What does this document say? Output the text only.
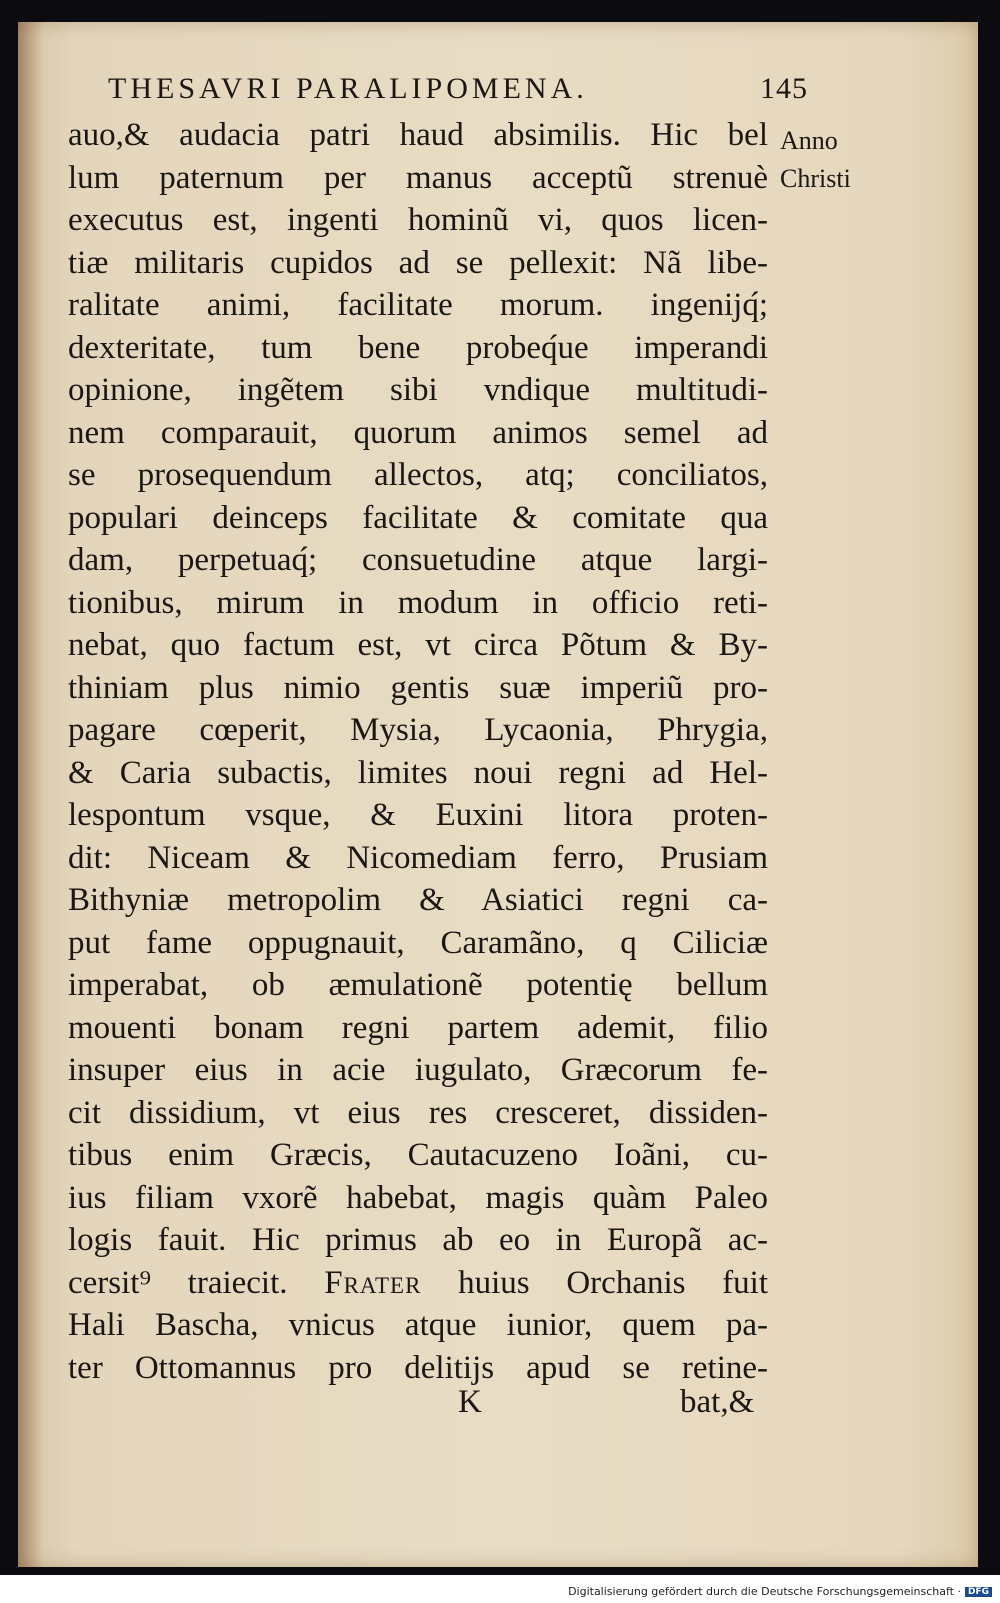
THESAVRI PARALIPOMENA.	145
Anno
Christi
auo,& audacia patri haud absimilis. Hic bel
lum paternum per manus acceptũ strenuè
executus est, ingenti hominũ vi, quos licen-
tiæ militaris cupidos ad se pellexit: Nã libe-
ralitate animi, facilitate morum. ingenijq́;
dexteritate, tum bene probeq́ue imperandi
opinione, ingẽtem sibi vndique multitudi-
nem comparauit, quorum animos semel ad
se prosequendum allectos, atq; conciliatos,
populari deinceps facilitate & comitate qua
dam, perpetuaq́; consuetudine atque largi-
tionibus, mirum in modum in officio reti-
nebat, quo factum est, vt circa Põtum & By-
thiniam plus nimio gentis suæ imperiũ pro-
pagare cœperit, Mysia, Lycaonia, Phrygia,
& Caria subactis, limites noui regni ad Hel-
lespontum vsque, & Euxini litora proten-
dit: Niceam & Nicomediam ferro, Prusiam
Bithyniæ metropolim & Asiatici regni ca-
put fame oppugnauit, Caramãno, q Ciliciæ
imperabat, ob æmulationẽ potentię bellum
mouenti bonam regni partem ademit, filio
insuper eius in acie iugulato, Græcorum fe-
cit dissidium, vt eius res cresceret, dissiden-
tibus enim Græcis, Cautacuzeno Ioãni, cu-
ius filiam vxorẽ habebat, magis quàm Paleo
logis fauit. Hic primus ab eo in Europã ac-
cersit⁹ traiecit. Frater huius Orchanis fuit
Hali Bascha, vnicus atque iunior, quem pa-
ter Ottomannus pro delitijs apud se retine-
K	bat,&
Digitalisierung gefördert durch die Deutsche Forschungsgemeinschaft · DFG
